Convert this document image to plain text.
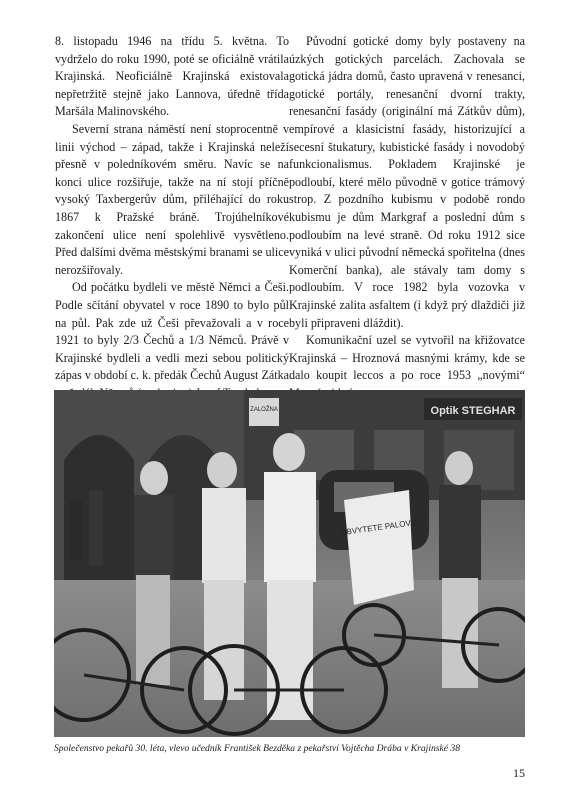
8. listopadu 1946 na třídu 5. května. To vydrželo do roku 1990, poté se oficiálně vrátila Krajinská. Neoficiálně Krajinská existovala nepřetržitě stejně jako Lannova, úředně třída Maršála Malinovského.

Severní strana náměstí není stoprocentně v linii východ – západ, takže i Krajinská neleží přesně v poledníkovém směru. Navíc se na konci ulice rozšiřuje, takže na ní stojí příčně vysoký Taxbergerův dům, přiléhající do roku 1867 k Pražské bráně. Trojúhelníkové zakončení ulice není spolehlivě vysvětleno. Před dalšími dvěma městskými branami se ulice nerozšiřovaly.

Od počátku bydleli ve městě Němci a Češi. Podle sčítání obyvatel v roce 1890 to bylo půl na půl. Pak zde už Češi převažovali a v roce 1921 to byly 2/3 Čechů a 1/3 Němců. Právě v Krajinské bydleli a vedli mezi sebou politický zápas v období c. k. předák Čechů August Zátka

Původní gotické domy byly postaveny na úzkých gotických parcelách. Zachovala se gotická jádra domů, často upravená v renesanci, gotické portály, renesanční dvorní trakty, renesanční fasády (originální má Zátkův dům), empírové a klasicistní fasády, historizující a secesní štukatury, kubistické fasády i novodobý funkcionalismus. Pokladem Krajinské je podloubí, které mělo původně v gotice trámový strop. Z pozdního kubismu v podobě rondo kubismu je dům Markgraf a poslední dům s podloubím na levé straně. Od roku 1912 sice vyniká v ulici původní německá spořitelna (dnes Komerční banka), ale stávaly tam domy s podloubím. V roce 1982 byla vozovka v Krajinské zalita asfaltem (i když prý dlaždiči již byli připraveni dláždit).

Komunikační uzel se vytvořil na křižovatce Krajinská – Hroznová masnými krámy, kde se dalo koupit leccos a po roce 1953 „novými“

ZALOŽNA	Optik STEGHAR
OBVYTETE PALOVO
Společenstvo pekařů 30. léta, vlevo učedník František Bezděka z pekařství Vojtěcha Drába v Krajinské 38
15
